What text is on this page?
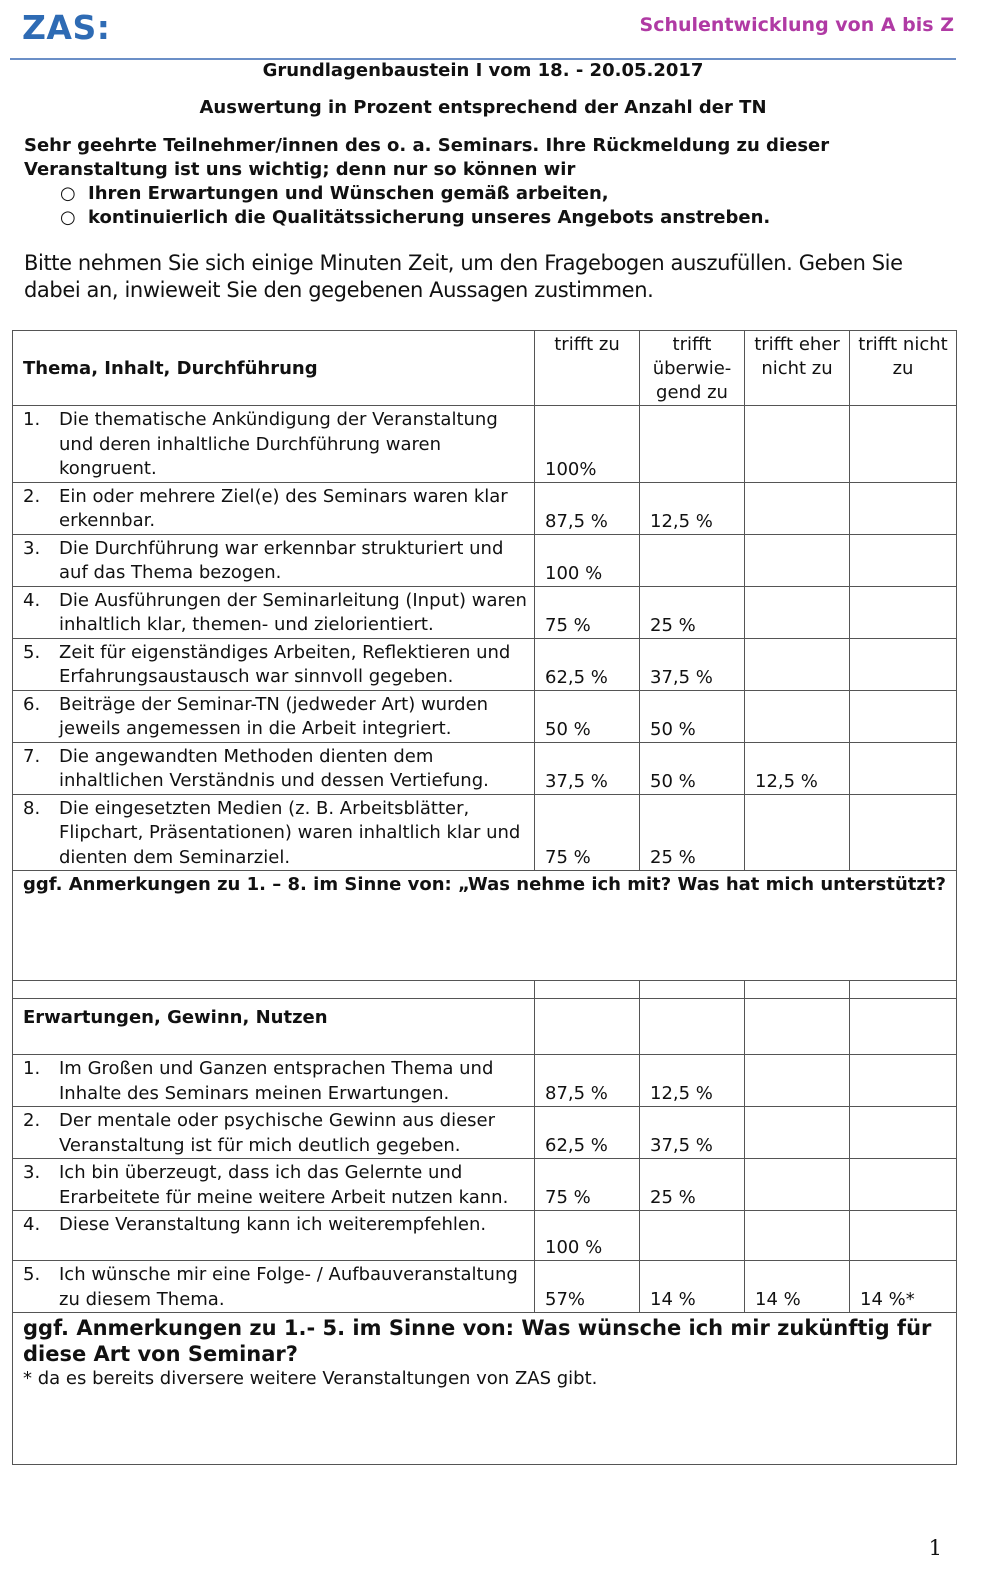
ZAS:	Schulentwicklung von A bis Z
Grundlagenbaustein I vom 18. - 20.05.2017
Auswertung in Prozent entsprechend der Anzahl der TN
Sehr geehrte Teilnehmer/innen des o. a. Seminars. Ihre Rückmeldung zu dieser Veranstaltung ist uns wichtig; denn nur so können wir
○ Ihren Erwartungen und Wünschen gemäß arbeiten,
○ kontinuierlich die Qualitätssicherung unseres Angebots anstreben.
Bitte nehmen Sie sich einige Minuten Zeit, um den Fragebogen auszufüllen. Geben Sie dabei an, inwieweit Sie den gegebenen Aussagen zustimmen.
Thema, Inhalt, Durchführung	trifft zu	trifft überwie-gend zu	trifft eher nicht zu	trifft nicht zu

1. Die thematische Ankündigung der Veranstaltung und deren inhaltliche Durchführung waren kongruent.	100%			

2. Ein oder mehrere Ziel(e) des Seminars waren klar erkennbar.	87,5 %	12,5 %		

3. Die Durchführung war erkennbar strukturiert und auf das Thema bezogen.	100 %			

4. Die Ausführungen der Seminarleitung (Input) waren inhaltlich klar, themen- und zielorientiert.	75 %	25 %		

5. Zeit für eigenständiges Arbeiten, Reflektieren und Erfahrungsaustausch war sinnvoll gegeben.	62,5 %	37,5 %		

6. Beiträge der Seminar-TN (jedweder Art) wurden jeweils angemessen in die Arbeit integriert.	50 %	50 %		

7. Die angewandten Methoden dienten dem inhaltlichen Verständnis und dessen Vertiefung.	37,5 %	50 %	12,5 %	

8. Die eingesetzten Medien (z. B. Arbeitsblätter, Flipchart, Präsentationen) waren inhaltlich klar und dienten dem Seminarziel.	75 %	25 %		
ggf. Anmerkungen zu 1. – 8. im Sinne von: „Was nehme ich mit? Was hat mich unterstützt?				
Erwartungen, Gewinn, Nutzen				

1. Im Großen und Ganzen entsprachen Thema und Inhalte des Seminars meinen Erwartungen.	87,5 %	12,5 %		

2. Der mentale oder psychische Gewinn aus dieser Veranstaltung ist für mich deutlich gegeben.	62,5 %	37,5 %		

3. Ich bin überzeugt, dass ich das Gelernte und Erarbeitete für meine weitere Arbeit nutzen kann.	75 %	25 %		

4. Diese Veranstaltung kann ich weiterempfehlen.	100 %			

5. Ich wünsche mir eine Folge- / Aufbauveranstaltung zu diesem Thema.	57%	14 %	14 %	14 %*

ggf. Anmerkungen zu 1.- 5. im Sinne von: Was wünsche ich mir zukünftig für diese Art von Seminar?
* da es bereits diversere weitere Veranstaltungen von ZAS gibt.				
1
